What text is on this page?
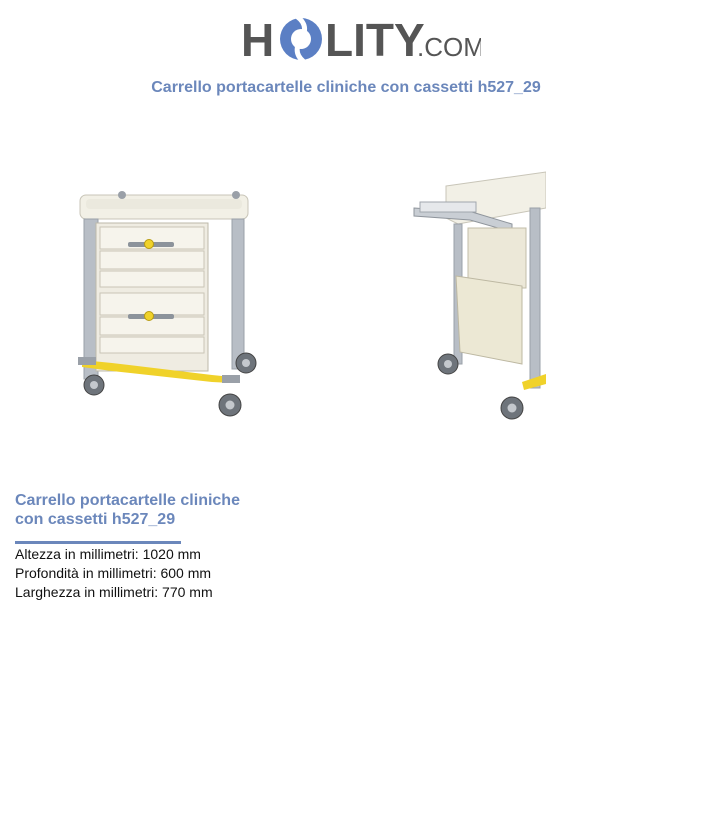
H LITY
.COM
Carrello portacartelle cliniche con cassetti h527_29
Carrello portacartelle cliniche con cassetti h527_29
Altezza in millimetri: 1020 mm
Profondità in millimetri: 600 mm
Larghezza in millimetri: 770 mm
